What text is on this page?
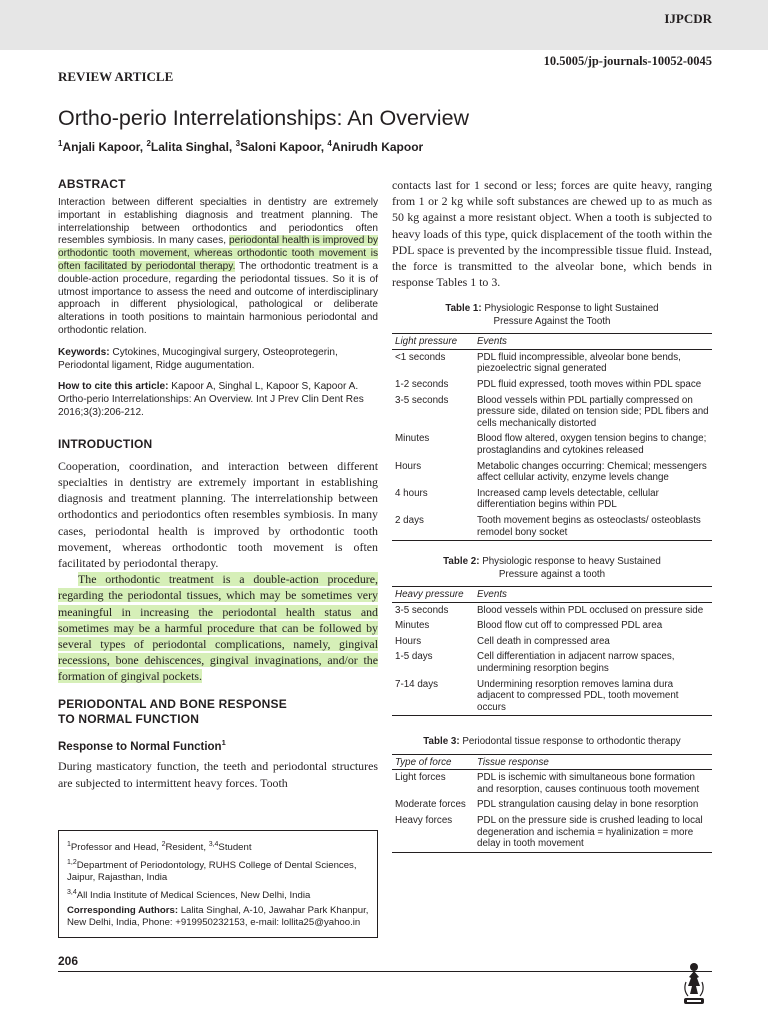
IJPCDR
10.5005/jp-journals-10052-0045
REVIEW ARTICLE
Ortho-perio Interrelationships: An Overview
$^1$Anjali Kapoor, $^2$Lalita Singhal, $^3$Saloni Kapoor, $^4$Anirudh Kapoor
ABSTRACT

Interaction between different specialties in dentistry are extremely important in establishing diagnosis and treatment planning. The interrelationship between orthodontics and periodontics often resembles symbiosis. In many cases, periodontal health is improved by orthodontic tooth movement, whereas orthodontic tooth movement is often facilitated by periodontal therapy. The orthodontic treatment is a double-action procedure, regarding the periodontal tissues. So it is of utmost importance to assess the need and outcome of interdisciplinary approach in different physiological, pathological or deliberate alterations in tooth positions to maintain harmonious periodontal and orthodontic relation.

Keywords: Cytokines, Mucogingival surgery, Osteoprotegerin, Periodontal ligament, Ridge augumentation.

How to cite this article: Kapoor A, Singhal L, Kapoor S, Kapoor A. Ortho-perio Interrelationships: An Overview. Int J Prev Clin Dent Res 2016;3(3):206-212.

INTRODUCTION

Cooperation, coordination, and interaction between different specialties in dentistry are extremely important in establishing diagnosis and treatment planning. The interrelationship between orthodontics and periodontics often resembles symbiosis. In many cases, periodontal health is improved by orthodontic tooth movement, whereas orthodontic tooth movement is often facilitated by periodontal therapy.

The orthodontic treatment is a double-action procedure, regarding the periodontal tissues, which may be sometimes very meaningful in increasing the periodontal health status and sometimes may be a harmful procedure that can be followed by several types of periodontal complications, namely, gingival recessions, bone dehiscences, gingival invaginations, and/or the formation of gingival pockets.

PERIODONTAL AND BONE RESPONSE
TO NORMAL FUNCTION
Response to Normal Function$^1$

During masticatory function, the teeth and periodontal structures are subjected to intermittent heavy forces. Tooth

$^1$Professor and Head, $^2$Resident, $^{3,4}$Student

$^{1,2}$Department of Periodontology, RUHS College of Dental Sciences, Jaipur, Rajasthan, India

$^{3,4}$All India Institute of Medical Sciences, New Delhi, India

Corresponding Authors: Lalita Singhal, A-10, Jawahar Park Khanpur, New Delhi, India, Phone: +919950232153, e-mail: lollita25@yahoo.in

contacts last for 1 second or less; forces are quite heavy, ranging from 1 or 2 kg while soft substances are chewed up to as much as 50 kg against a more resistant object. When a tooth is subjected to heavy loads of this type, quick displacement of the tooth within the PDL space is prevented by the incompressible tissue fluid. Instead, the force is transmitted to the alveolar bone, which bends in response Tables 1 to 3.

Table 1: Physiologic Response to light Sustained
Pressure Against the Tooth
Light pressure	Events
<1 seconds	PDL fluid incompressible, alveolar bone bends, piezoelectric signal generated
1-2 seconds	PDL fluid expressed, tooth moves within PDL space
3-5 seconds	Blood vessels within PDL partially compressed on pressure side, dilated on tension side; PDL fibers and cells mechanically distorted
Minutes	Blood flow altered, oxygen tension begins to change; prostaglandins and cytokines released
Hours	Metabolic changes occurring: Chemical; messengers affect cellular activity, enzyme levels change
4 hours	Increased camp levels detectable, cellular differentiation begins within PDL
2 days	Tooth movement begins as osteoclasts/ osteoblasts remodel bony socket
Table 2: Physiologic response to heavy Sustained
Pressure against a tooth
Heavy pressure	Events
3-5 seconds	Blood vessels within PDL occlused on pressure side
Minutes	Blood flow cut off to compressed PDL area
Hours	Cell death in compressed area
1-5 days	Cell differentiation in adjacent narrow spaces, undermining resorption begins
7-14 days	Undermining resorption removes lamina dura adjacent to compressed PDL, tooth movement occurs
Table 3: Periodontal tissue response to orthodontic therapy
Type of force	Tissue response
Light forces	PDL is ischemic with simultaneous bone formation and resorption, causes continuous tooth movement
Moderate forces	PDL strangulation causing delay in bone resorption
Heavy forces	PDL on the pressure side is crushed leading to local degeneration and ischemia = hyalinization = more delay in tooth movement
206
